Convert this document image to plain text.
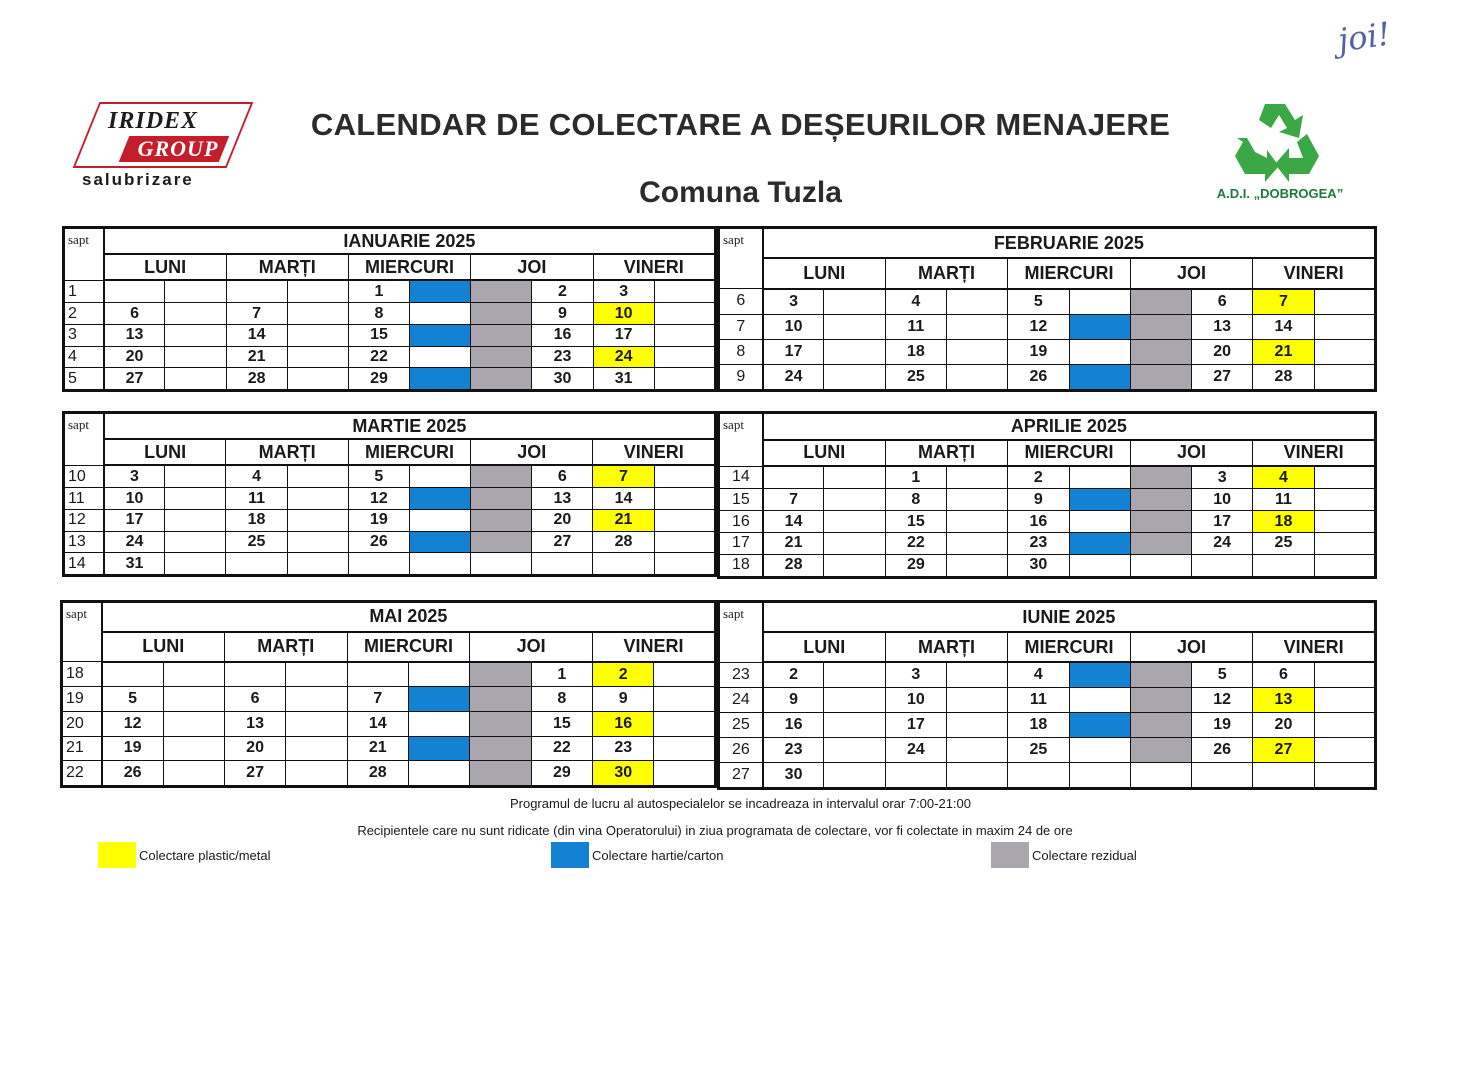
IRIDEX
GROUP
salubrizare
CALENDAR DE COLECTARE A DEȘEURILOR MENAJERE
Comuna Tuzla	A.D.I. „DOBROGEA”
joi!
sapt	IANUARIE 2025									
	LUNI		MARȚI		MIERCURI		JOI		VINERI	
1					1			2	3	
2	6		7		8			9	10	
3	13		14		15			16	17	
4	20		21		22			23	24	
5	27		28		29			30	31	
sapt	FEBRUARIE 2025									
	LUNI		MARȚI		MIERCURI		JOI		VINERI	
6	3		4		5			6	7	
7	10		11		12			13	14	
8	17		18		19			20	21	
9	24		25		26			27	28	
sapt	MARTIE 2025									
	LUNI		MARȚI		MIERCURI		JOI		VINERI	
10	3		4		5			6	7	
11	10		11		12			13	14	
12	17		18		19			20	21	
13	24		25		26			27	28	
14	31									
sapt	APRILIE 2025									
	LUNI		MARȚI		MIERCURI		JOI		VINERI	
14			1		2			3	4	
15	7		8		9			10	11	
16	14		15		16			17	18	
17	21		22		23			24	25	
18	28		29		30					
sapt	MAI 2025									
	LUNI		MARȚI		MIERCURI		JOI		VINERI	
18								1	2	
19	5		6		7			8	9	
20	12		13		14			15	16	
21	19		20		21			22	23	
22	26		27		28			29	30	
sapt	IUNIE 2025									
	LUNI		MARȚI		MIERCURI		JOI		VINERI	
23	2		3		4			5	6	
24	9		10		11			12	13	
25	16		17		18			19	20	
26	23		24		25			26	27	
27	30									
Programul de lucru al autospecialelor se incadreaza in intervalul orar 7:00-21:00
Recipientele care nu sunt ridicate (din vina Operatorului) in ziua programata de colectare, vor fi colectate in maxim 24 de ore
Colectare plastic/metal	Colectare hartie/carton	Colectare rezidual
